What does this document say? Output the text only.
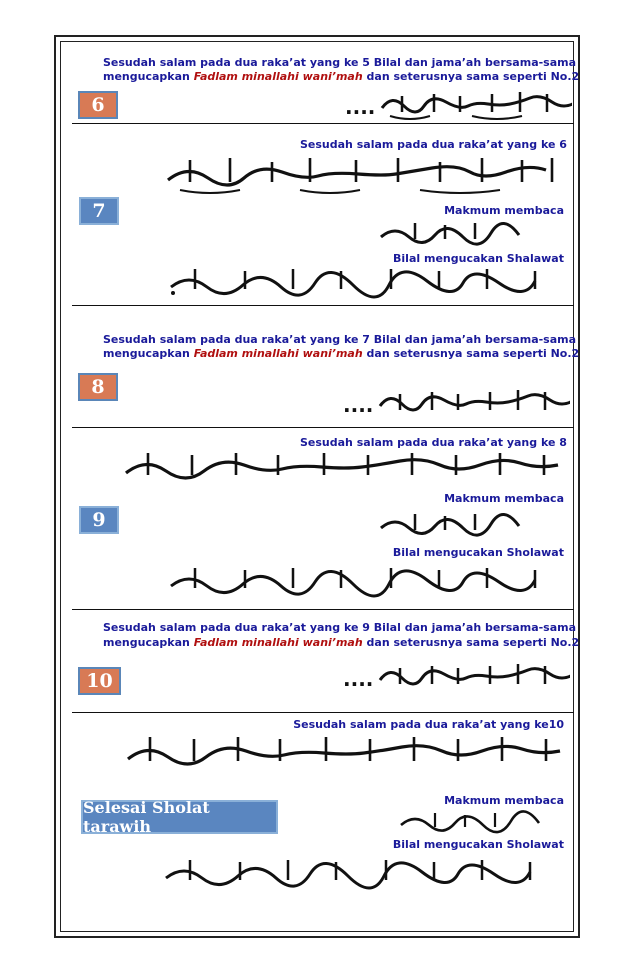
Sesudah salam pada dua raka’at yang ke 5 Bilal dan jama’ah bersama-sama
mengucapkan Fadlam minallahi wani’mah dan seterusnya sama seperti No.2
6	....
Sesudah salam pada dua raka’at yang ke 6
7	Makmum membaca
Bilal mengucakan Shalawat
Sesudah salam pada dua raka’at yang ke 7 Bilal dan jama’ah bersama-sama
mengucapkan Fadlam minallahi wani’mah dan seterusnya sama seperti No.2
8
....
Sesudah salam pada dua raka’at yang ke 8
Makmum membaca
9
Bilal mengucakan Sholawat
Sesudah salam pada dua raka’at yang ke 9 Bilal dan jama’ah bersama-sama
mengucapkan Fadlam minallahi wani’mah dan seterusnya sama seperti No.2
10	....
Sesudah salam pada dua raka’at yang ke10
Makmum membaca
Selesai Sholat tarawih
Bilal mengucakan Sholawat
